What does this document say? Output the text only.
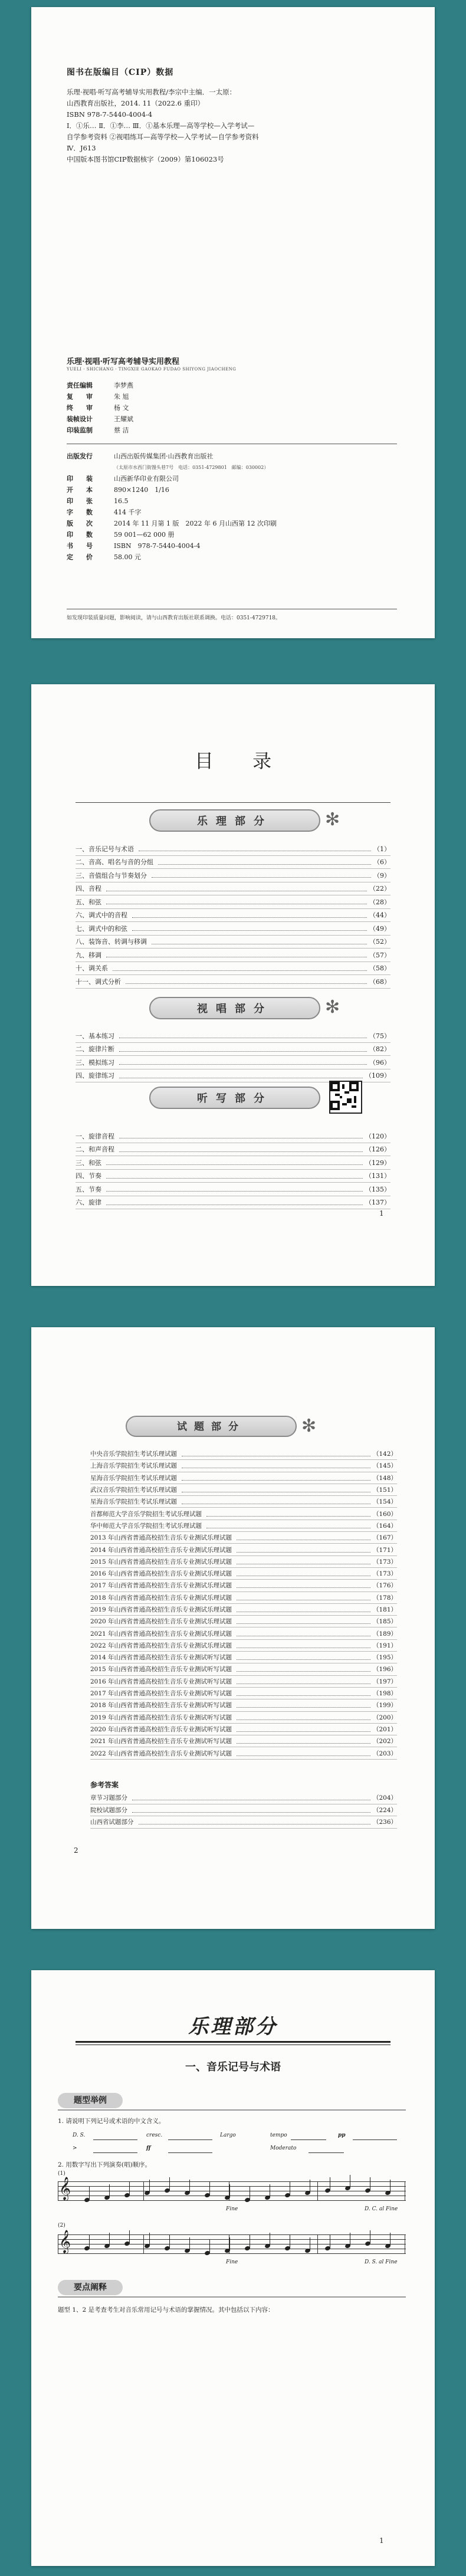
图书在版编目（CIP）数据
乐理·视唱·听写高考辅导实用教程/李宗中主编．一太原：
山西教育出版社，2014. 11（2022.6 重印）
ISBN 978-7-5440-4004-4
Ⅰ．①乐… Ⅱ．①李… Ⅲ．①基本乐理—高等学校—入学考试—
自学参考资料 ②视唱练耳—高等学校—入学考试—自学参考资料
Ⅳ．J613
中国版本图书馆CIP数据核字（2009）第106023号
乐理·视唱·听写高考辅导实用教程
YUELI · SHICHANG · TINGXIE GAOKAO FUDAO SHIYONG JIAOCHENG
责任编辑	李梦燕
复　　审	朱 旭
终　　审	杨 文
装帧设计	王耀斌
印装监制	蔡 洁
出版发行	山西出版传媒集团·山西教育出版社
（太原市水西门街馒头巷7号　电话：0351-4729801　邮编：030002）
印　　装	山西新华印业有限公司
开　　本	890×1240　1/16
印　　张	16.5
字　　数	414 千字
版　　次	2014 年 11 月第 1 版　2022 年 6 月山西第 12 次印刷
印　　数	59 001—62 000 册
书　　号	ISBN　978-7-5440-4004-4
定　　价	58.00 元
如发现印装质量问题，影响阅读，请与山西教育出版社联系调换。电话：0351-4729718。
目 录
乐理部分	✻
一、音乐记号与术语	（1）
二、音高、唱名与音的分组	（6）
三、音值组合与节奏划分	（9）
四、音程	（22）
五、和弦	（28）
六、调式中的音程	（44）
七、调式中的和弦	（49）
八、装饰音、转调与移调	（52）
九、移调	（57）
十、调关系	（58）
十一、调式分析	（68）
视唱部分	✻
一、基本练习	（75）
二、旋律片断	（82）
三、模拟练习	（96）
四、旋律练习	（109）
听写部分
一、旋律音程	（120）
二、和声音程	（126）
三、和弦	（129）
四、节奏	（131）
五、节奏	（135）
六、旋律	（137）
1
试题部分	✻
中央音乐学院招生考试乐理试题	（142）
上海音乐学院招生考试乐理试题	（145）
星海音乐学院招生考试乐理试题	（148）
武汉音乐学院招生考试乐理试题	（151）
星海音乐学院招生考试乐理试题	（154）
首都师范大学音乐学院招生考试乐理试题	（160）
华中师范大学音乐学院招生考试乐理试题	（164）
2013 年山西省普通高校招生音乐专业测试乐理试题	（167）
2014 年山西省普通高校招生音乐专业测试乐理试题	（171）
2015 年山西省普通高校招生音乐专业测试乐理试题	（173）
2016 年山西省普通高校招生音乐专业测试乐理试题	（173）
2017 年山西省普通高校招生音乐专业测试乐理试题	（176）
2018 年山西省普通高校招生音乐专业测试乐理试题	（178）
2019 年山西省普通高校招生音乐专业测试乐理试题	（181）
2020 年山西省普通高校招生音乐专业测试乐理试题	（185）
2021 年山西省普通高校招生音乐专业测试乐理试题	（189）
2022 年山西省普通高校招生音乐专业测试乐理试题	（191）
2014 年山西省普通高校招生音乐专业测试听写试题	（195）
2015 年山西省普通高校招生音乐专业测试听写试题	（196）
2016 年山西省普通高校招生音乐专业测试听写试题	（197）
2017 年山西省普通高校招生音乐专业测试听写试题	（198）
2018 年山西省普通高校招生音乐专业测试听写试题	（199）
2019 年山西省普通高校招生音乐专业测试听写试题	（200）
2020 年山西省普通高校招生音乐专业测试听写试题	（201）
2021 年山西省普通高校招生音乐专业测试听写试题	（202）
2022 年山西省普通高校招生音乐专业测试听写试题	（203）
参考答案
章节习题部分	（204）
院校试题部分	（224）
山西省试题部分	（236）
2
乐理部分
一、音乐记号与术语
题型举例
1. 请说明下列记号或术语的中文含义。
D. S.	cresc.	Largo	tempo	pp
>	ff	Moderato
2. 用数字写出下列演奏(唱)顺序。
(1)
𝄞
Fine	D. C. al Fine
(2)
𝄞
Fine	D. S. al Fine
要点阐释
题型 1、2 是考查考生对音乐常用记号与术语的掌握情况。其中包括以下内容：
1
